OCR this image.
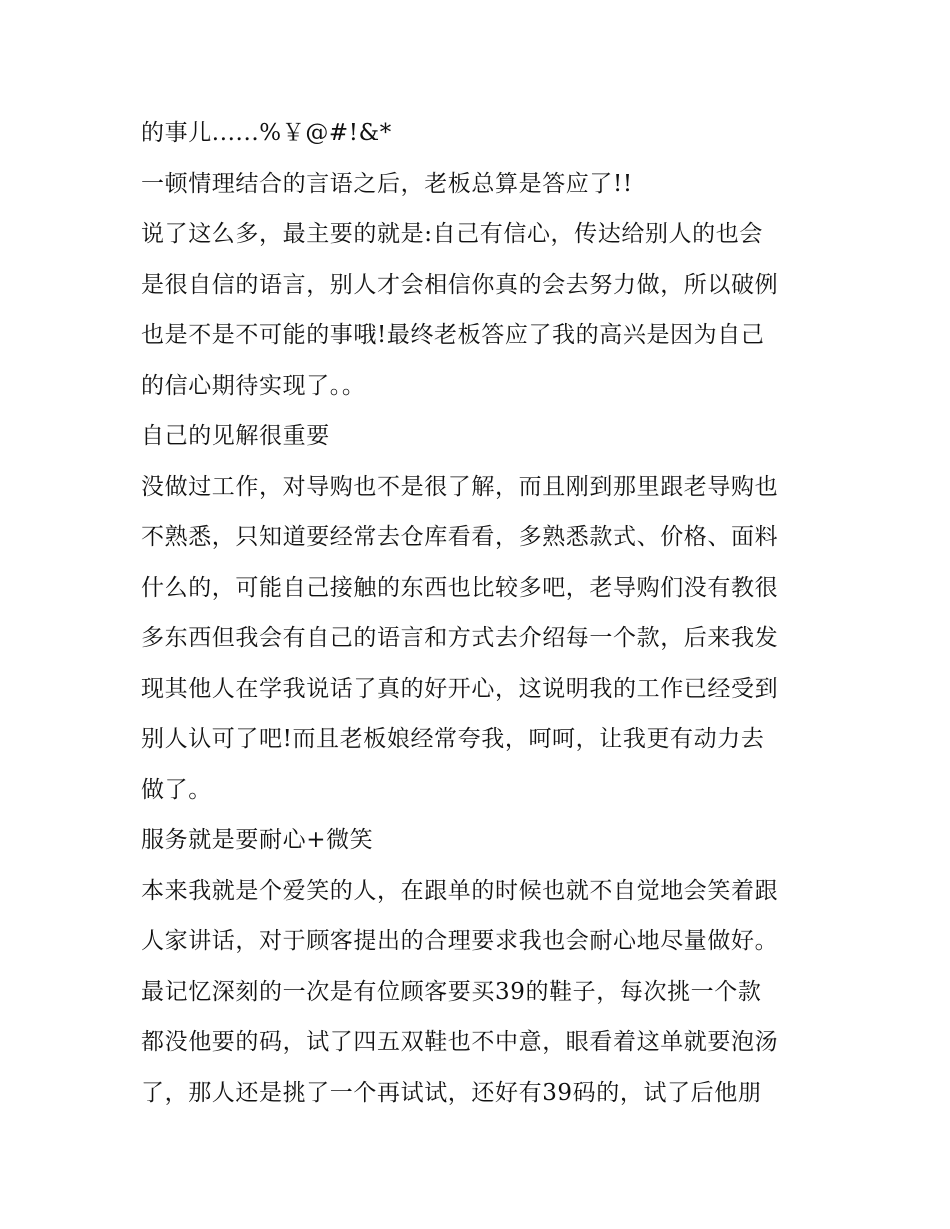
的事儿......%￥@#!&*
一顿情理结合的言语之后，老板总算是答应了!!
说了这么多，最主要的就是:自己有信心，传达给别人的也会
是很自信的语言，别人才会相信你真的会去努力做，所以破例
也是不是不可能的事哦!最终老板答应了我的高兴是因为自己
的信心期待实现了。。
自己的见解很重要
没做过工作，对导购也不是很了解，而且刚到那里跟老导购也
不熟悉，只知道要经常去仓库看看，多熟悉款式、价格、面料
什么的，可能自己接触的东西也比较多吧，老导购们没有教很
多东西但我会有自己的语言和方式去介绍每一个款，后来我发
现其他人在学我说话了真的好开心，这说明我的工作已经受到
别人认可了吧!而且老板娘经常夸我，呵呵，让我更有动力去
做了。
服务就是要耐心+微笑
本来我就是个爱笑的人，在跟单的时候也就不自觉地会笑着跟
人家讲话，对于顾客提出的合理要求我也会耐心地尽量做好。
最记忆深刻的一次是有位顾客要买39的鞋子，每次挑一个款
都没他要的码，试了四五双鞋也不中意，眼看着这单就要泡汤
了，那人还是挑了一个再试试，还好有39码的，试了后他朋
